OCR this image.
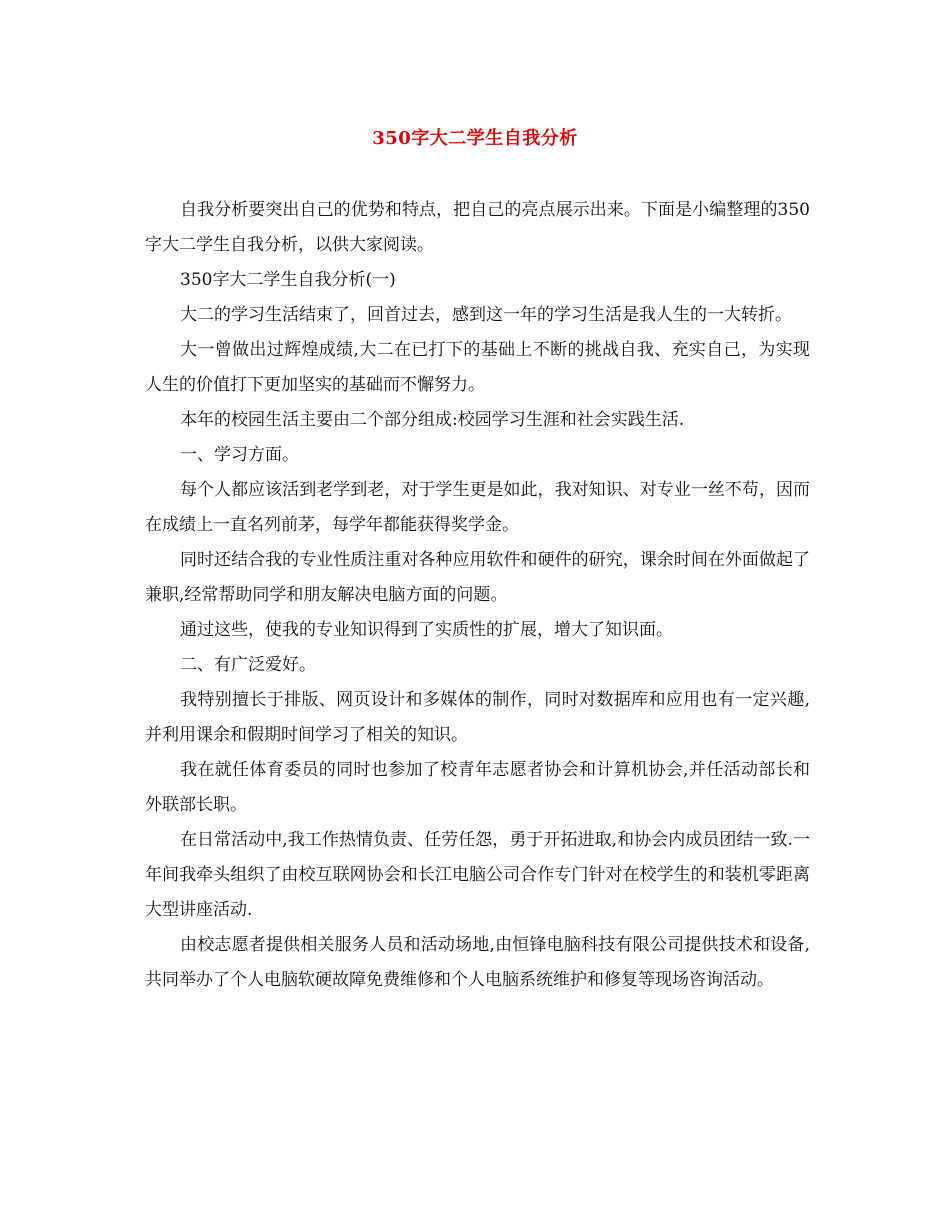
350字大二学生自我分析

自我分析要突出自己的优势和特点，把自己的亮点展示出来。下面是小编整理的350字大二学生自我分析，以供大家阅读。

350字大二学生自我分析(一)

大二的学习生活结束了，回首过去，感到这一年的学习生活是我人生的一大转折。

大一曾做出过辉煌成绩,大二在已打下的基础上不断的挑战自我、充实自己，为实现人生的价值打下更加坚实的基础而不懈努力。

本年的校园生活主要由二个部分组成:校园学习生涯和社会实践生活.

一、学习方面。

每个人都应该活到老学到老，对于学生更是如此，我对知识、对专业一丝不苟，因而在成绩上一直名列前茅，每学年都能获得奖学金。

同时还结合我的专业性质注重对各种应用软件和硬件的研究，课余时间在外面做起了兼职,经常帮助同学和朋友解决电脑方面的问题。

通过这些，使我的专业知识得到了实质性的扩展，增大了知识面。

二、有广泛爱好。

我特别擅长于排版、网页设计和多媒体的制作，同时对数据库和应用也有一定兴趣,并利用课余和假期时间学习了相关的知识。

我在就任体育委员的同时也参加了校青年志愿者协会和计算机协会,并任活动部长和外联部长职。

在日常活动中,我工作热情负责、任劳任怨，勇于开拓进取,和协会内成员团结一致.一年间我牵头组织了由校互联网协会和长江电脑公司合作专门针对在校学生的和装机零距离大型讲座活动.

由校志愿者提供相关服务人员和活动场地,由恒锋电脑科技有限公司提供技术和设备,共同举办了个人电脑软硬故障免费维修和个人电脑系统维护和修复等现场咨询活动。
